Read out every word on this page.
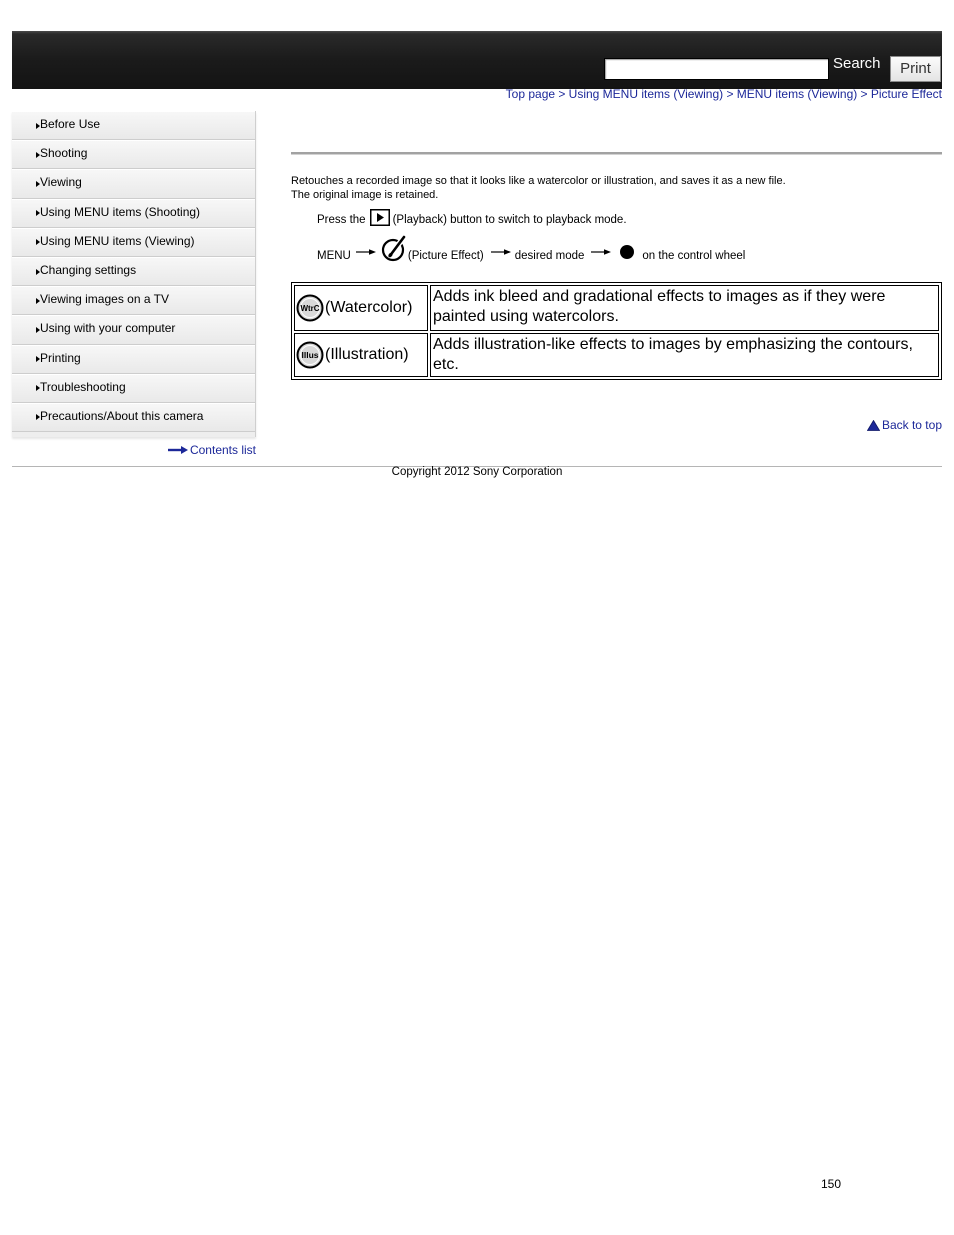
Search	Print
Top page > Using MENU items (Viewing) > MENU items (Viewing) > Picture Effect
Before Use
Shooting
Viewing
Using MENU items (Shooting)
Using MENU items (Viewing)
Changing settings
Viewing images on a TV
Using with your computer
Printing
Troubleshooting
Precautions/About this camera
Contents list
Retouches a recorded image so that it looks like a watercolor or illustration, and saves it as a new file.
The original image is retained.
Press the (Playback) button to switch to playback mode.
MENU	(Picture Effect)	desired mode	on the control wheel
WtrC (Watercolor)	Adds ink bleed and gradational effects to images as if they were painted using watercolors.

Illus (Illustration)	Adds illustration-like effects to images by emphasizing the contours, etc.
Back to top
Copyright 2012 Sony Corporation
150
